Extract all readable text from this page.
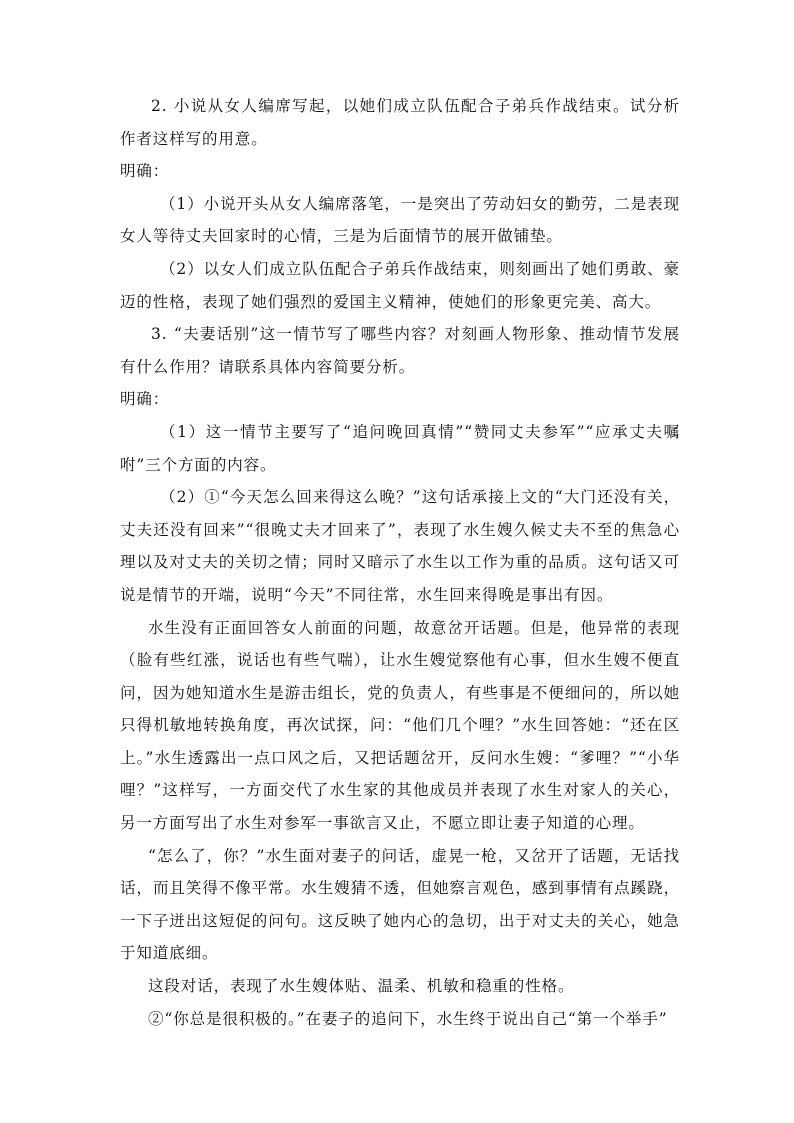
2. 小说从女人编席写起，以她们成立队伍配合子弟兵作战结束。试分析作者这样写的用意。

明确：

（1）小说开头从女人编席落笔，一是突出了劳动妇女的勤劳，二是表现女人等待丈夫回家时的心情，三是为后面情节的展开做铺垫。

（2）以女人们成立队伍配合子弟兵作战结束，则刻画出了她们勇敢、豪迈的性格，表现了她们强烈的爱国主义精神，使她们的形象更完美、高大。

3. “夫妻话别”这一情节写了哪些内容？对刻画人物形象、推动情节发展有什么作用？请联系具体内容简要分析。

明确：

（1）这一情节主要写了“追问晚回真情”“赞同丈夫参军”“应承丈夫嘱咐”三个方面的内容。

（2）①“今天怎么回来得这么晚？”这句话承接上文的“大门还没有关，丈夫还没有回来”“很晚丈夫才回来了”，表现了水生嫂久候丈夫不至的焦急心理以及对丈夫的关切之情；同时又暗示了水生以工作为重的品质。这句话又可说是情节的开端，说明“今天”不同往常，水生回来得晚是事出有因。

水生没有正面回答女人前面的问题，故意岔开话题。但是，他异常的表现（脸有些红涨，说话也有些气喘），让水生嫂觉察他有心事，但水生嫂不便直问，因为她知道水生是游击组长，党的负责人，有些事是不便细问的，所以她只得机敏地转换角度，再次试探，问：“他们几个哩？”水生回答她：“还在区上。”水生透露出一点口风之后，又把话题岔开，反问水生嫂：“爹哩？”“小华哩？”这样写，一方面交代了水生家的其他成员并表现了水生对家人的关心，另一方面写出了水生对参军一事欲言又止，不愿立即让妻子知道的心理。

“怎么了，你？”水生面对妻子的问话，虚晃一枪，又岔开了话题，无话找话，而且笑得不像平常。水生嫂猜不透，但她察言观色，感到事情有点蹊跷，一下子迸出这短促的问句。这反映了她内心的急切，出于对丈夫的关心，她急于知道底细。

这段对话，表现了水生嫂体贴、温柔、机敏和稳重的性格。

②“你总是很积极的。”在妻子的追问下，水生终于说出自己“第一个举手”
